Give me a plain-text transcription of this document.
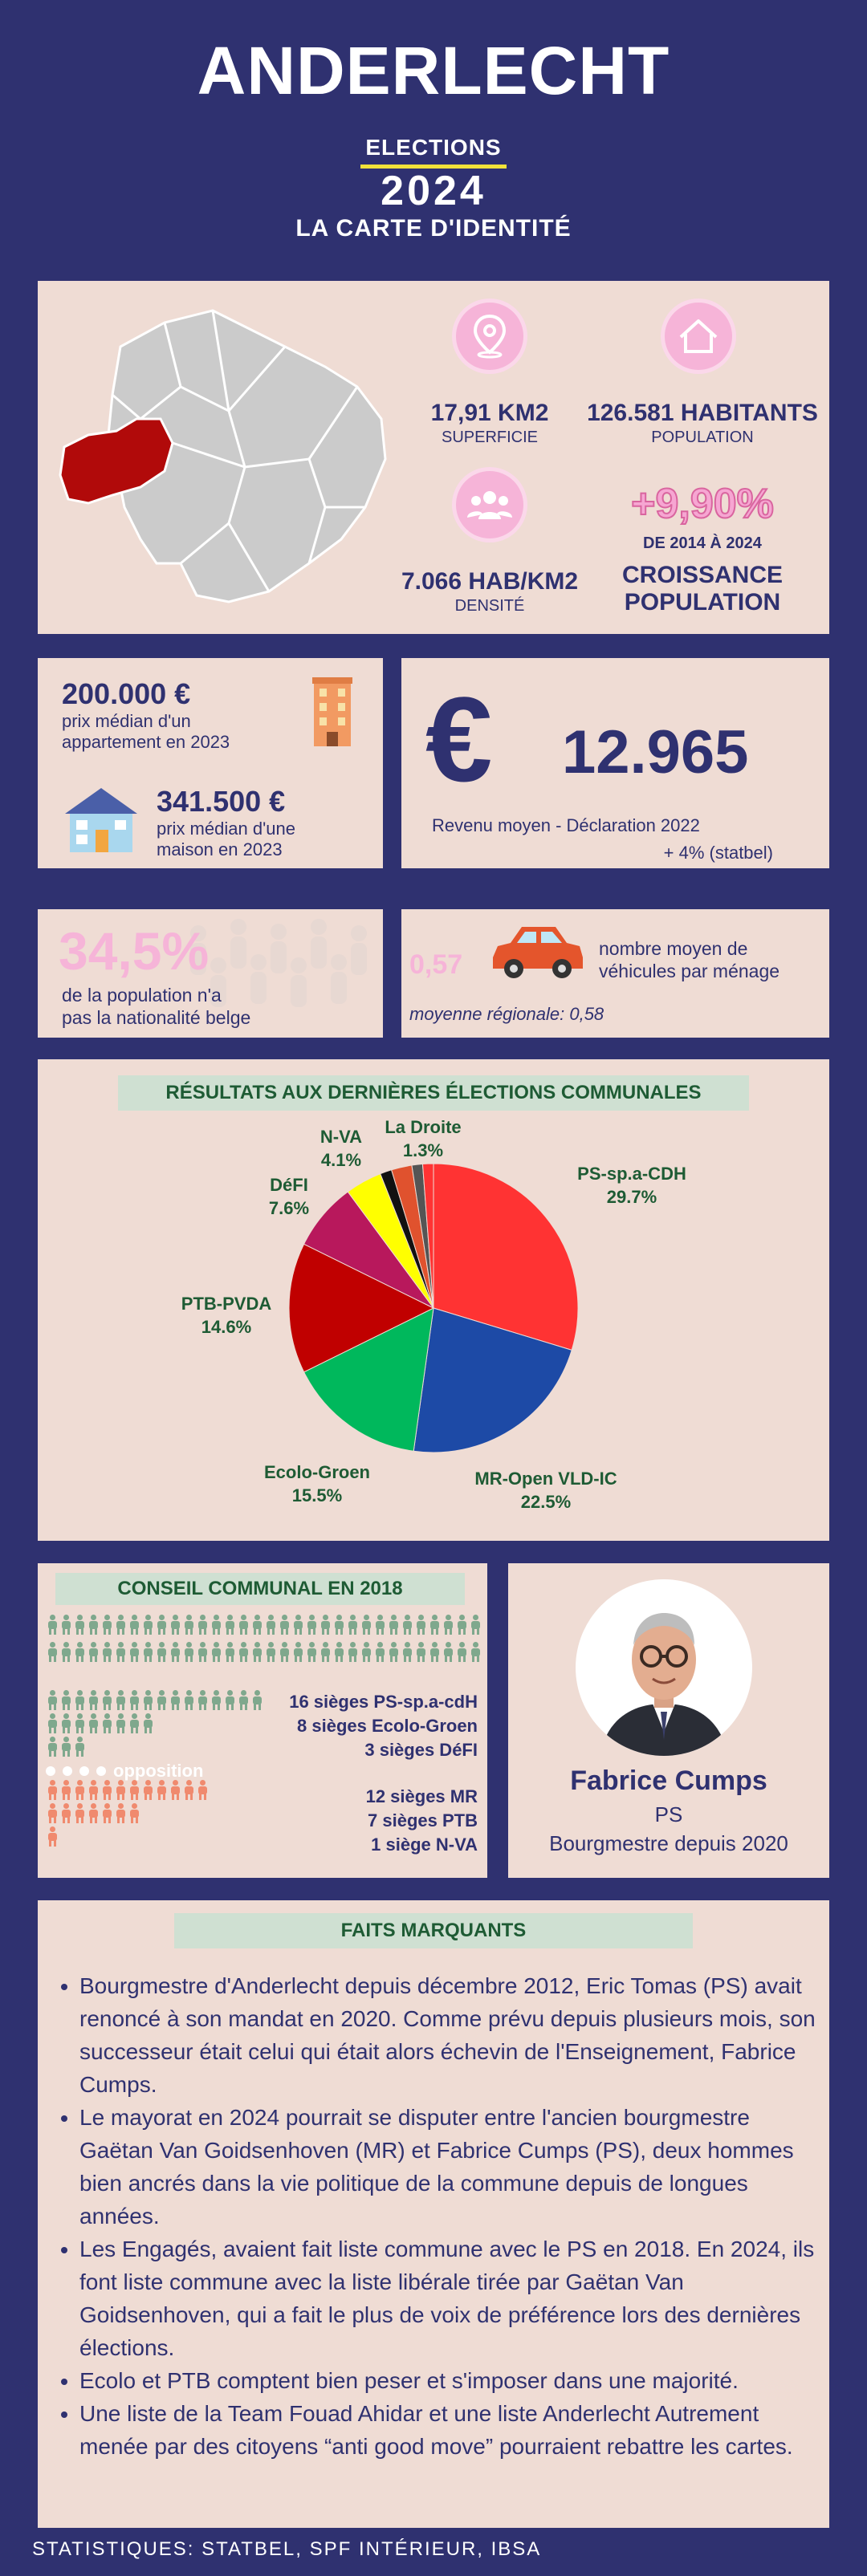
ANDERLECHT
ELECTIONS
2024
LA CARTE D'IDENTITÉ
17,91 KM2
SUPERFICIE
126.581 HABITANTS
POPULATION
7.066 HAB/KM2
DENSITÉ
+9,90%
DE 2014 À 2024
CROISSANCE
POPULATION
200.000 €
prix médian d'un
appartement en 2023
341.500 €
prix médian d'une
maison en 2023
€ 12.965
Revenu moyen - Déclaration 2022
+ 4% (statbel)
34,5%
de la population n'a
pas la nationalité belge
0,57
nombre moyen de
véhicules par ménage
moyenne régionale: 0,58
RÉSULTATS AUX DERNIÈRES ÉLECTIONS COMMUNALES
PS-sp.a-CDH
29.7%
MR-Open VLD-IC
22.5%
Ecolo-Groen
15.5%
PTB-PVDA
14.6%
DéFI
7.6%
N-VA
4.1%
La Droite
1.3%
CONSEIL COMMUNAL EN 2018
16 sièges PS-sp.a-cdH
8 sièges Ecolo-Groen
3 sièges DéFI
opposition
12 sièges MR
7 sièges PTB
1 siège N-VA
Fabrice Cumps
PS
Bourgmestre depuis 2020
FAITS MARQUANTS
• Bourgmestre d'Anderlecht depuis décembre 2012, Eric Tomas (PS) avait renoncé à son mandat en 2020. Comme prévu depuis plusieurs mois, son successeur était celui qui était alors échevin de l'Enseignement, Fabrice Cumps.
• Le mayorat en 2024 pourrait se disputer entre l'ancien bourgmestre Gaëtan Van Goidsenhoven (MR) et Fabrice Cumps (PS), deux hommes bien ancrés dans la vie politique de la commune depuis de longues années.
• Les Engagés, avaient fait liste commune avec le PS en 2018. En 2024, ils font liste commune avec la liste libérale tirée par Gaëtan Van Goidsenhoven, qui a fait le plus de voix de préférence lors des dernières élections.
• Ecolo et PTB comptent bien peser et s'imposer dans une majorité.
• Une liste de la Team Fouad Ahidar et une liste Anderlecht Autrement menée par des citoyens “anti good move” pourraient rebattre les cartes.
STATISTIQUES: STATBEL, SPF INTÉRIEUR, IBSA
